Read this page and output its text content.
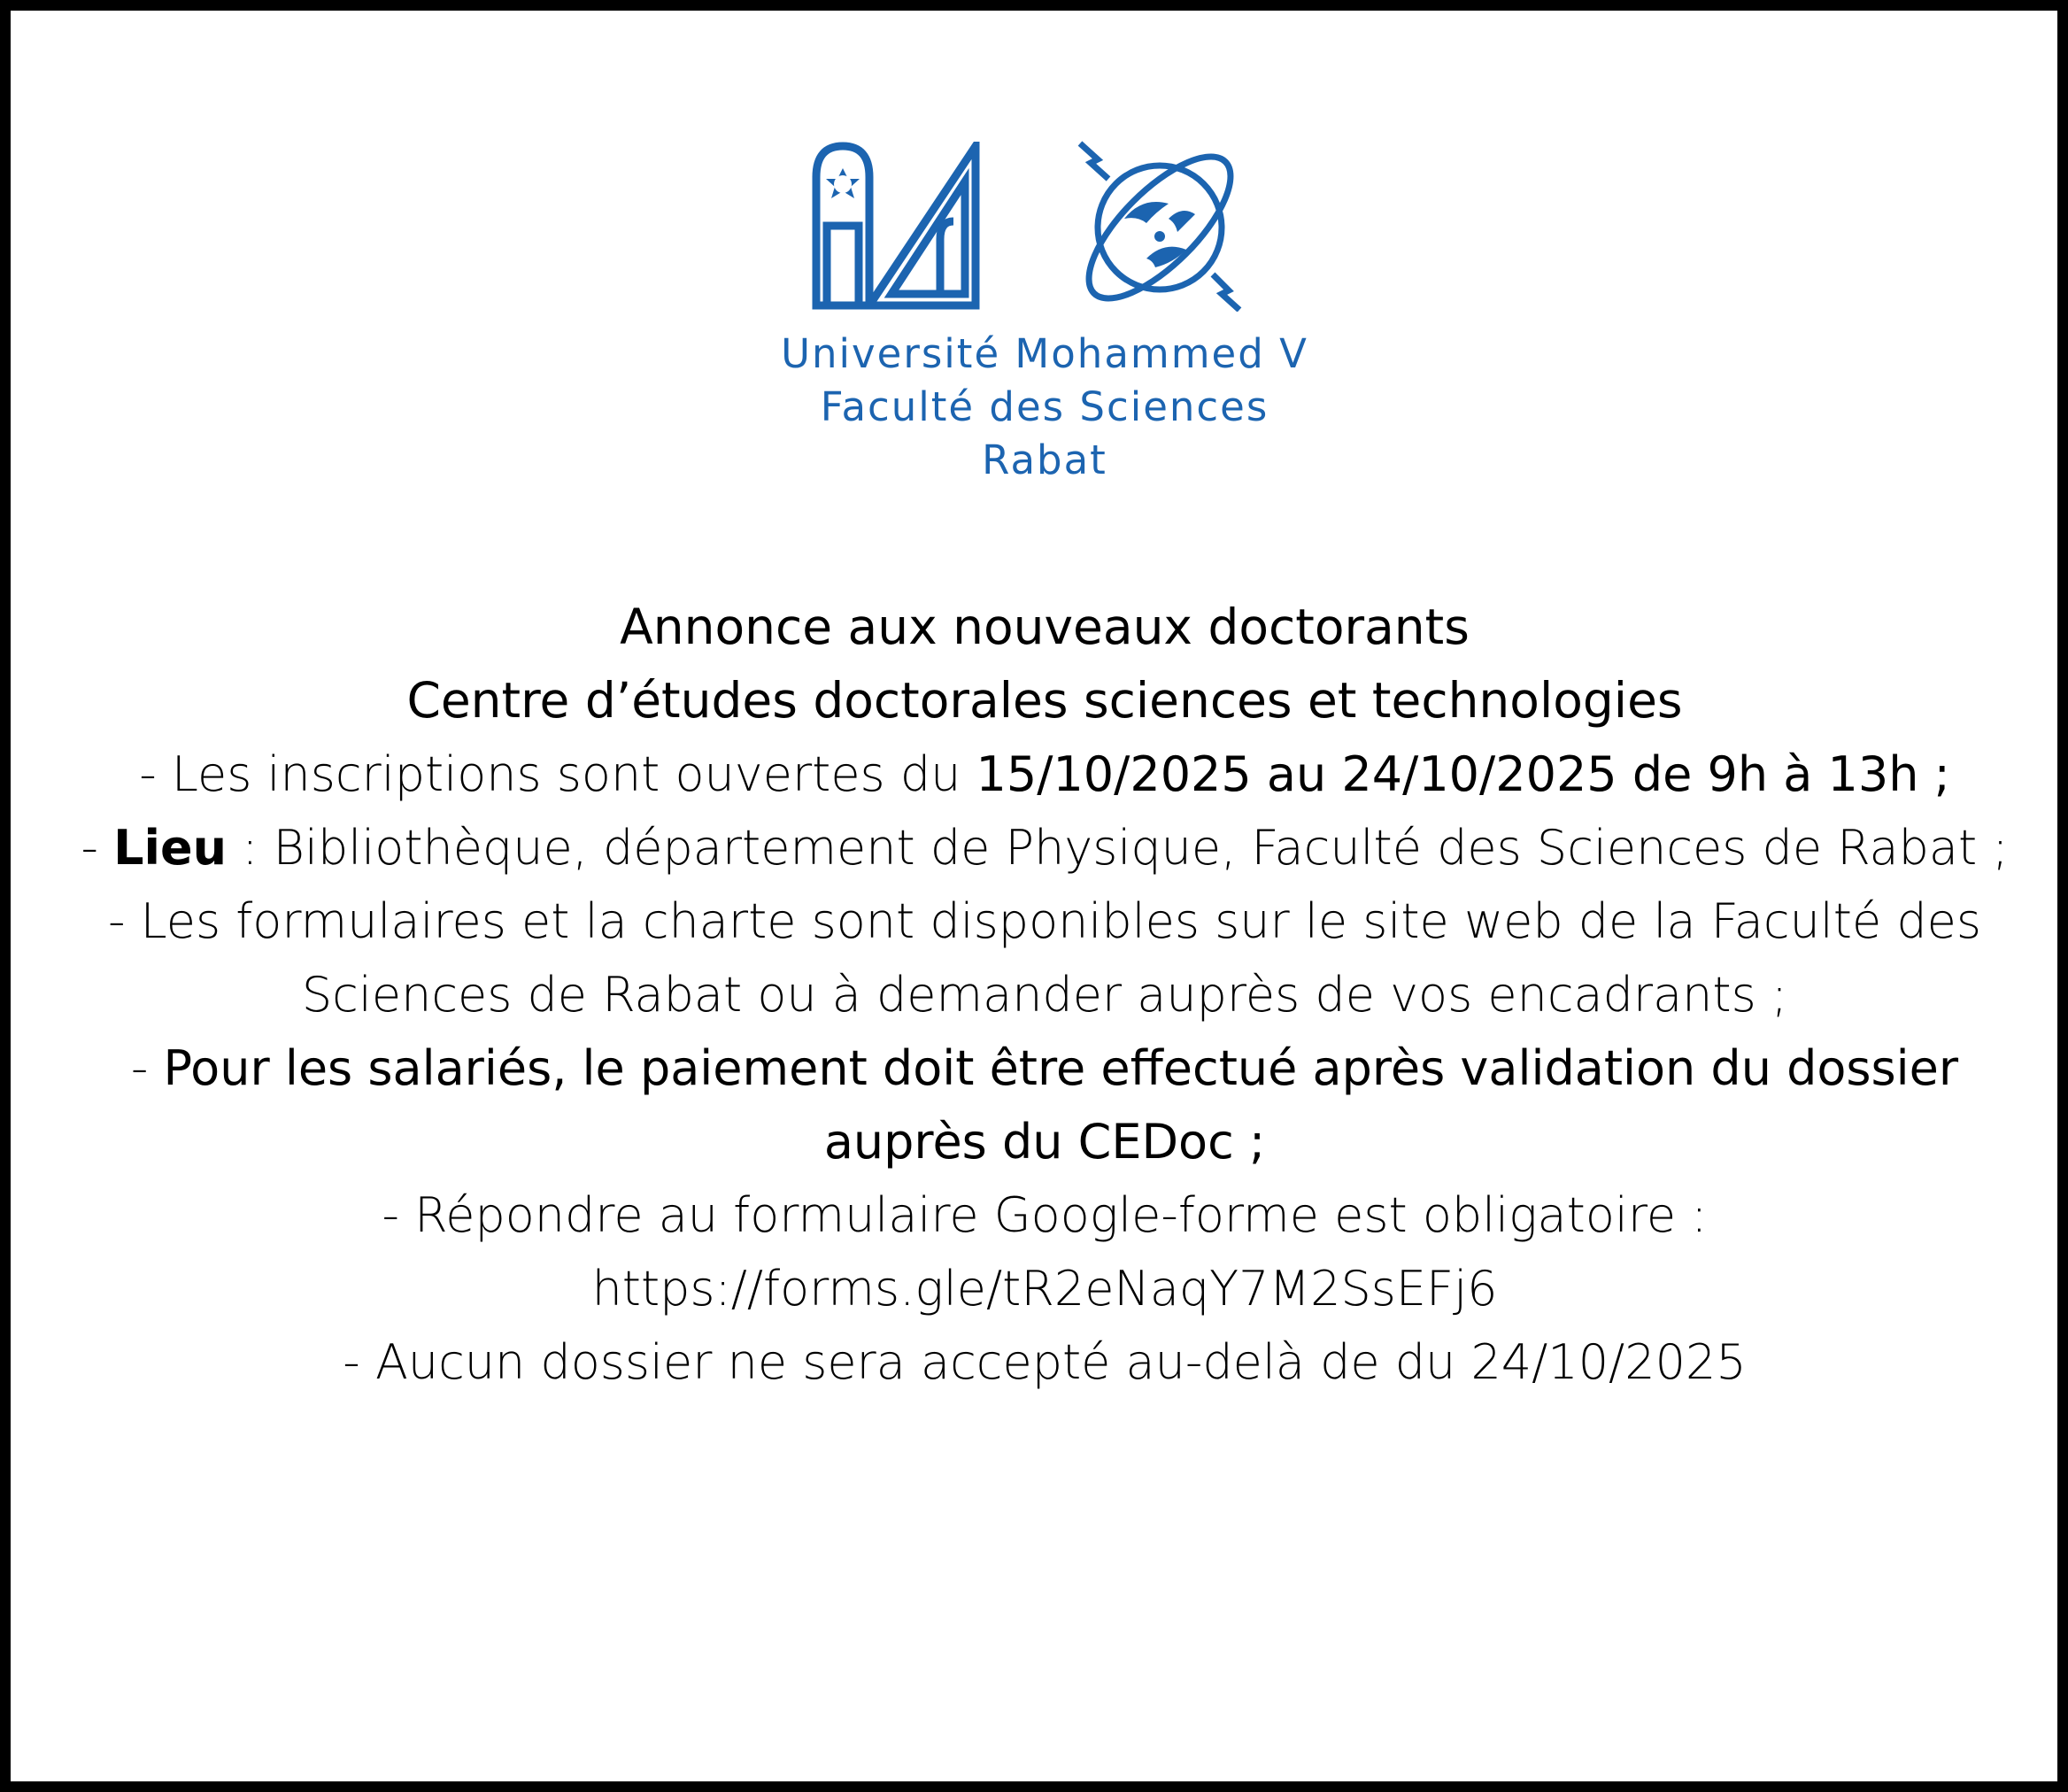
Université Mohammed V
Faculté des Sciences
Rabat
Annonce aux nouveaux doctorants
Centre d’études doctorales sciences et technologies
- Les inscriptions sont ouvertes du 15/10/2025 au 24/10/2025 de 9h à 13h ;
- Lieu : Bibliothèque, département de Physique, Faculté des Sciences de Rabat ;
- Les formulaires et la charte sont disponibles sur le site web de la Faculté des Sciences de Rabat ou à demander auprès de vos encadrants ;
- Pour les salariés, le paiement doit être effectué après validation du dossier auprès du CEDoc ;
- Répondre au formulaire Google-forme est obligatoire :
https://forms.gle/tR2eNaqY7M2SsEFj6
- Aucun dossier ne sera accepté au-delà de du 24/10/2025
